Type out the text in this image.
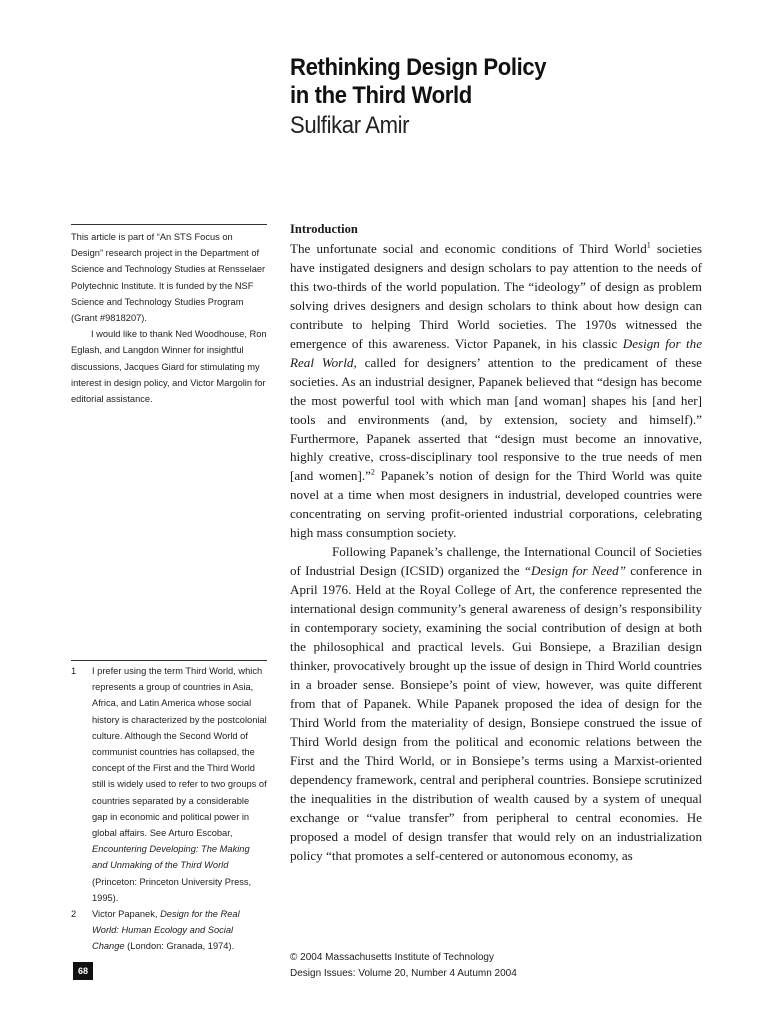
Rethinking Design Policy
in the Third World
Sulfikar Amir

This article is part of “An STS Focus on Design” research project in the Department of Science and Technology Studies at Rensselaer Polytechnic Institute. It is funded by the NSF Science and Technology Studies Program (Grant #9818207).

I would like to thank Ned Woodhouse, Ron Eglash, and Langdon Winner for insightful discussions, Jacques Giard for stimulating my interest in design policy, and Victor Margolin for editorial assistance.

1	I prefer using the term Third World, which represents a group of countries in Asia, Africa, and Latin America whose social history is characterized by the postcolonial culture. Although the Second World of communist countries has collapsed, the concept of the First and the Third World still is widely used to refer to two groups of countries separated by a considerable gap in economic and political power in global affairs. See Arturo Escobar, Encountering Developing: The Making and Unmaking of the Third World (Princeton: Princeton University Press, 1995).
2	Victor Papanek, Design for the Real World: Human Ecology and Social Change (London: Granada, 1974).
68
Introduction

The unfortunate social and economic conditions of Third World$^1$ societies have instigated designers and design scholars to pay attention to the needs of this two-thirds of the world population. The “ideology” of design as problem solving drives designers and design scholars to think about how design can contribute to helping Third World societies. The 1970s witnessed the emergence of this awareness. Victor Papanek, in his classic Design for the Real World, called for designers’ attention to the predicament of these societies. As an industrial designer, Papanek believed that “design has become the most powerful tool with which man [and woman] shapes his [and her] tools and environments (and, by extension, society and himself).” Furthermore, Papanek asserted that “design must become an innovative, highly creative, cross-disciplinary tool responsive to the true needs of men [and women].”$^2$ Papanek’s notion of design for the Third World was quite novel at a time when most designers in industrial, developed countries were concentrating on serving profit-oriented industrial corporations, celebrating high mass consumption society.

Following Papanek’s challenge, the International Council of Societies of Industrial Design (ICSID) organized the “Design for Need” conference in April 1976. Held at the Royal College of Art, the conference represented the international design community’s general awareness of design’s responsibility in contemporary society, examining the social contribution of design at both the philosophical and practical levels. Gui Bonsiepe, a Brazilian design thinker, provocatively brought up the issue of design in Third World countries in a broader sense. Bonsiepe’s point of view, however, was quite different from that of Papanek. While Papanek proposed the idea of design for the Third World from the materiality of design, Bonsiepe construed the issue of Third World design from the political and economic relations between the First and the Third World, or in Bonsiepe’s terms using a Marxist-oriented dependency framework, central and peripheral countries. Bonsiepe scrutinized the inequalities in the distribution of wealth caused by a system of unequal exchange or “value transfer” from peripheral to central economies. He proposed a model of design transfer that would rely on an industrialization policy “that promotes a self-centered or autonomous economy, as

© 2004 Massachusetts Institute of Technology
Design Issues: Volume 20, Number 4 Autumn 2004
